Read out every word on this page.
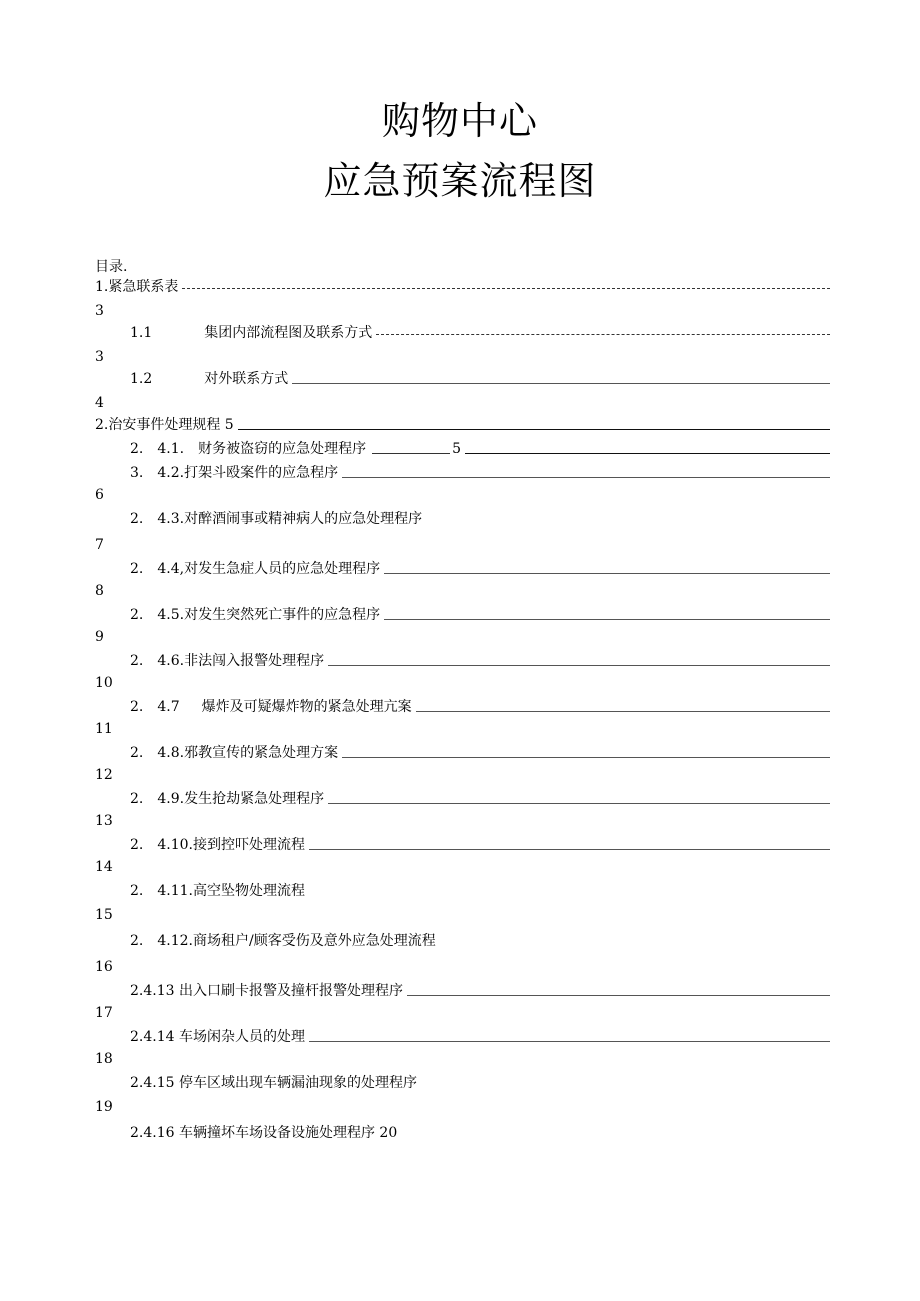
购物中心
应急预案流程图
目录.
1. 紧急联系表
3
1.1	集团内部流程图及联系方式
3
1.2	对外联系方式
4
2. 治安事件处理规程 5
2. 4.1. 财务被盗窃的应急处理程序	5
3. 4.2.打架斗殴案件的应急程序
6
2. 4.3.对醉酒闹事或精神病人的应急处理程序
7
2. 4.4,对发生急症人员的应急处理程序
8
2. 4.5.对发生突然死亡事件的应急程序
9
2. 4.6.非法闯入报警处理程序
10
2. 4.7 爆炸及可疑爆炸物的紧急处理亢案
11
2. 4.8.邪教宣传的紧急处理方案
12
2. 4.9.发生抢劫紧急处理程序
13
2. 4.10.接到控吓处理流程
14
2. 4.11.高空坠物处理流程
15
2. 4.12.商场租户/顾客受伤及意外应急处理流程
16
2.4.13 出入口刷卡报警及撞杆报警处理程序
17
2.4.14 车场闲杂人员的处理
18
2.4.15 停车区域出现车辆漏油现象的处理程序
19
2.4.16 车辆撞坏车场设备设施处理程序 20
